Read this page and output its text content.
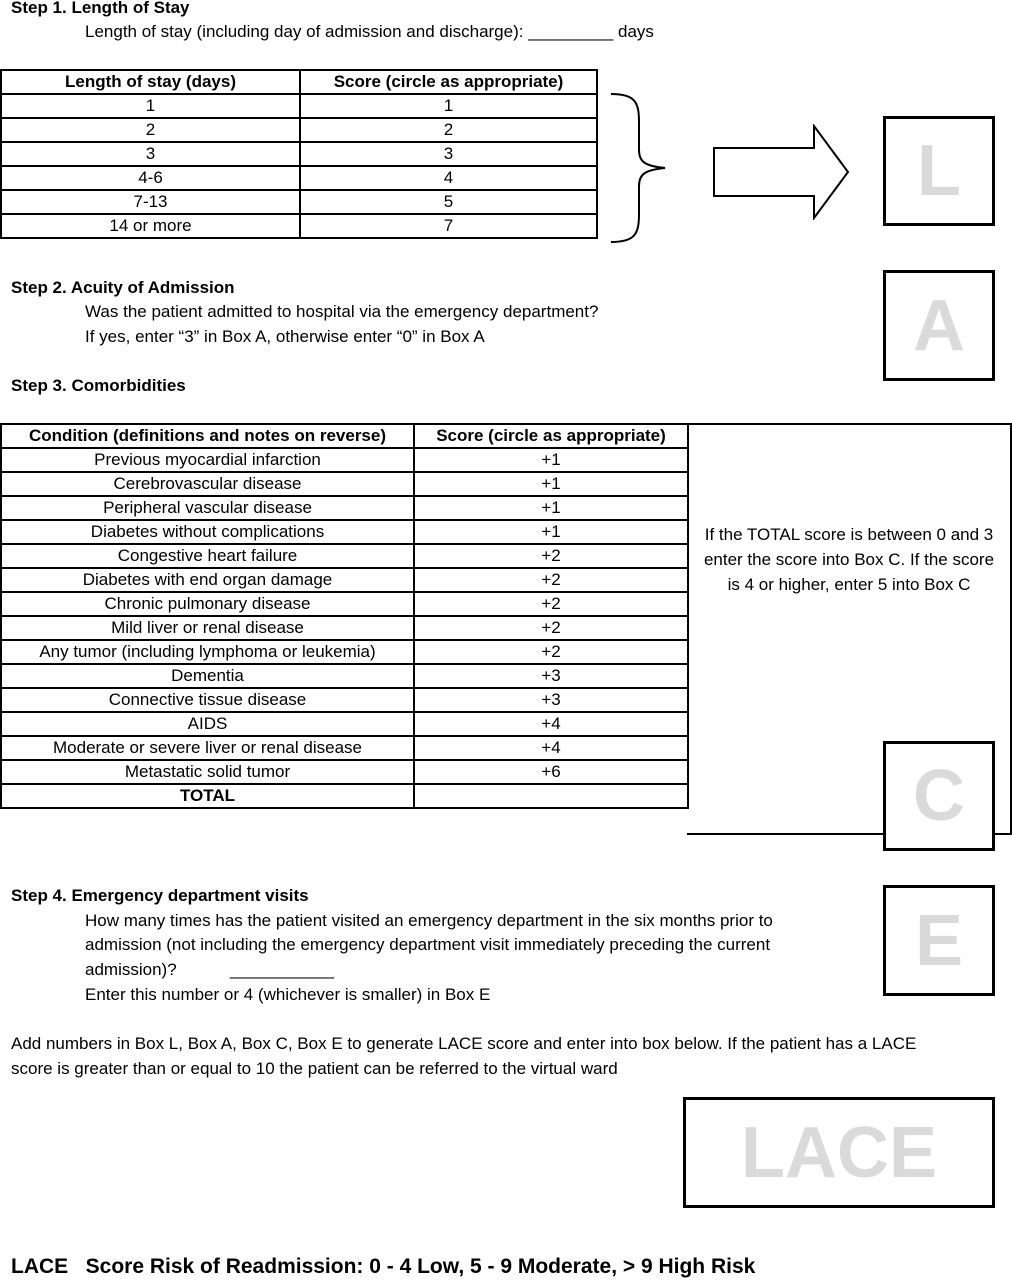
Step 1. Length of Stay
Length of stay (including day of admission and discharge): _________ days
Length of stay (days)	Score (circle as appropriate)
1	1
2	2
3	3
4-6	4
7-13	5
14 or more	7
L
Step 2. Acuity of Admission
Was the patient admitted to hospital via the emergency department?
If yes, enter “3” in Box A, otherwise enter “0” in Box A	A
Step 3. Comorbidities
Condition (definitions and notes on reverse)	Score (circle as appropriate)
Previous myocardial infarction	+1
Cerebrovascular disease	+1
Peripheral vascular disease	+1
Diabetes without complications	+1
Congestive heart failure	+2
Diabetes with end organ damage	+2
Chronic pulmonary disease	+2
Mild liver or renal disease	+2
Any tumor (including lymphoma or leukemia)	+2
Dementia	+3
Connective tissue disease	+3
AIDS	+4
Moderate or severe liver or renal disease	+4
Metastatic solid tumor	+6
TOTAL	
If the TOTAL score is between 0 and 3 enter the score into Box C. If the score is 4 or higher, enter 5 into Box C
C
Step 4. Emergency department visits
How many times has the patient visited an emergency department in the six months prior to
admission (not including the emergency department visit immediately preceding the current
admission)?	___________
Enter this number or 4 (whichever is smaller) in Box E
E
Add numbers in Box L, Box A, Box C, Box E to generate LACE score and enter into box below. If the patient has a LACE
score is greater than or equal to 10 the patient can be referred to the virtual ward
LACE
LACE   Score Risk of Readmission: 0 - 4 Low, 5 - 9 Moderate, > 9 High Risk
